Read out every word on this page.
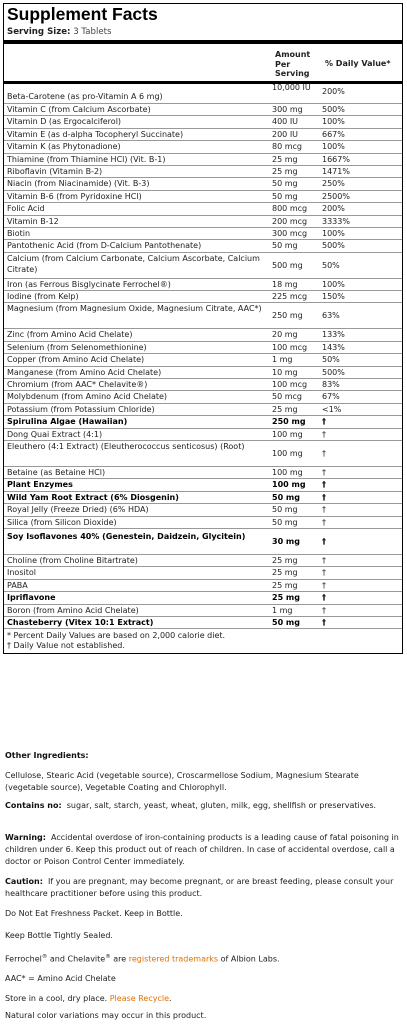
Supplement Facts
Serving Size: 3 Tablets
Amount
Per
Serving
% Daily Value*
Beta-Carotene (as pro-Vitamin A 6 mg)
10,000 IU 200%
Vitamin C (from Calcium Ascorbate)	300 mg 500%
Vitamin D (as Ergocalciferol)	400 IU	100%
Vitamin E (as d-alpha Tocopheryl Succinate)	200 IU	667%
Vitamin K (as Phytonadione)	80 mcg	100%
Thiamine (from Thiamine HCl) (Vit. B-1)	25 mg	1667%
Riboflavin (Vitamin B-2)	25 mg	1471%
Niacin (from Niacinamide) (Vit. B-3)	50 mg	250%
Vitamin B-6 (from Pyridoxine HCl)	50 mg	2500%
Folic Acid	800 mcg 200%
Vitamin B-12	200 mcg 3333%
Biotin	300 mcg 100%
Pantothenic Acid (from D-Calcium Pantothenate)	50 mg	500%
Calcium (from Calcium Carbonate, Calcium Ascorbate, Calcium Citrate)	500 mg 50%
Iron (as Ferrous Bisglycinate Ferrochel®)	18 mg	100%
Iodine (from Kelp)	225 mcg 150%
Magnesium (from Magnesium Oxide, Magnesium Citrate, AAC*)
250 mg 63%
Zinc (from Amino Acid Chelate)	20 mg	133%
Selenium (from Selenomethionine)	100 mcg 143%
Copper (from Amino Acid Chelate)	1 mg	50%
Manganese (from Amino Acid Chelate)	10 mg	500%
Chromium (from AAC* Chelavite®)	100 mcg 83%
Molybdenum (from Amino Acid Chelate)	50 mcg	67%
Potassium (from Potassium Chloride)	25 mg	<1%
Spirulina Algae (Hawaiian)	250 mg †
Dong Quai Extract (4:1)	100 mg †
Eleuthero (4:1 Extract) (Eleutherococcus senticosus) (Root)
100 mg †
Betaine (as Betaine HCl)	100 mg †
Plant Enzymes	100 mg †
Wild Yam Root Extract (6% Diosgenin)	50 mg	†
Royal Jelly (Freeze Dried) (6% HDA)	50 mg	†
Silica (from Silicon Dioxide)	50 mg	†
Soy Isoflavones 40% (Genestein, Daidzein, Glycitein)
30 mg	†
Choline (from Choline Bitartrate)	25 mg	†
Inositol	25 mg	†
PABA	25 mg	†
Ipriflavone	25 mg	†
Boron (from Amino Acid Chelate)	1 mg	†
Chasteberry (Vitex 10:1 Extract)	50 mg	†
* Percent Daily Values are based on 2,000 calorie diet.
† Daily Value not established.
Other Ingredients:
Cellulose, Stearic Acid (vegetable source), Croscarmellose Sodium, Magnesium Stearate (vegetable source), Vegetable Coating and Chlorophyll.
Contains no: sugar, salt, starch, yeast, wheat, gluten, milk, egg, shellfish or preservatives.
Warning: Accidental overdose of iron-containing products is a leading cause of fatal poisoning in children under 6. Keep this product out of reach of children. In case of accidental overdose, call a doctor or Poison Control Center immediately.
Caution: If you are pregnant, may become pregnant, or are breast feeding, please consult your healthcare practitioner before using this product.
Do Not Eat Freshness Packet. Keep in Bottle.
Keep Bottle Tightly Sealed.
Ferrochel® and Chelavite® are registered trademarks of Albion Labs.
AAC* = Amino Acid Chelate
Store in a cool, dry place. Please Recycle.
Natural color variations may occur in this product.
